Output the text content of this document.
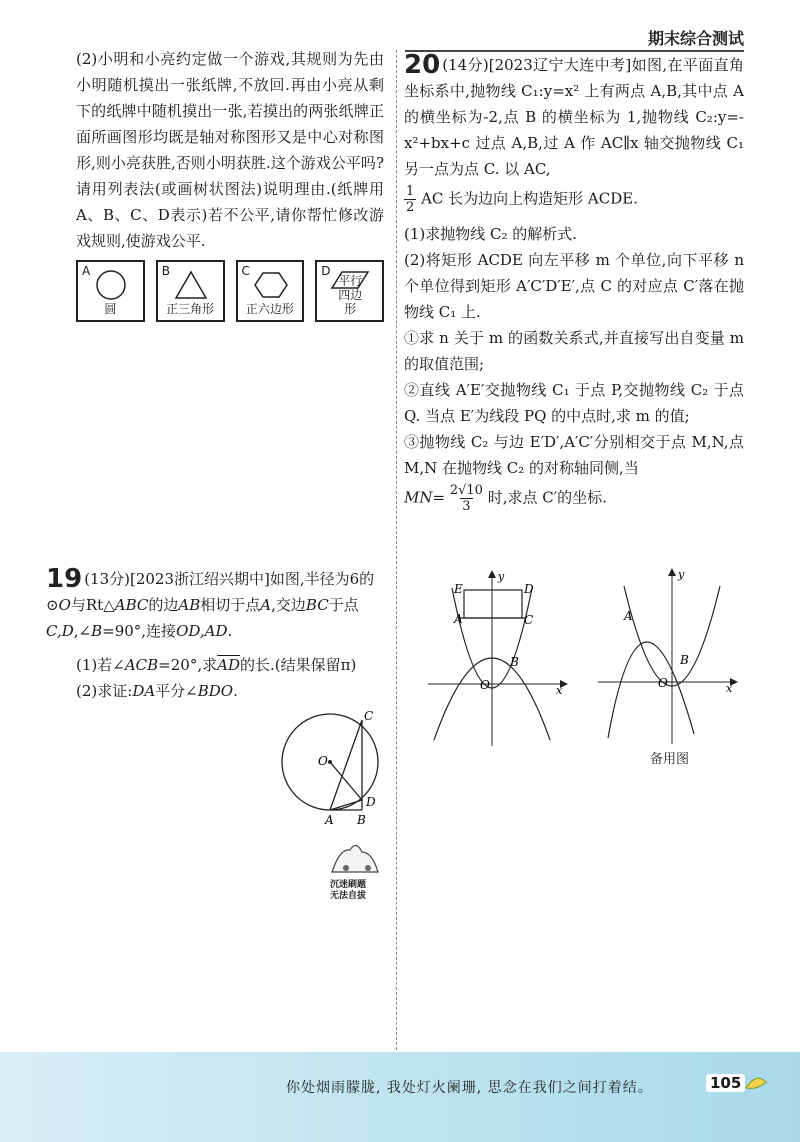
期末综合测试

(2)小明和小亮约定做一个游戏,其规则为先由小明随机摸出一张纸牌,不放回.再由小亮从剩下的纸牌中随机摸出一张,若摸出的两张纸牌正面所画图形均既是轴对称图形又是中心对称图形,则小亮获胜,否则小明获胜.这个游戏公平吗?请用列表法(或画树状图法)说明理由.(纸牌用A、B、C、D表示)若不公平,请你帮忙修改游戏规则,使游戏公平.

A
圆
B
正三角形
C
正六边形
D
平行四边形
19 (13分)[2023浙江绍兴期中]如图,半径为6的⊙O与Rt△ABC的边AB相切于点A,交边BC于点C,D,∠B=90°,连接OD,AD.
(1)若∠ACB=20°,求$\overline{AD}$的长.(结果保留π)
(2)求证:DA平分∠BDO.
O
C
D
A B
沉迷刷题
无法自拔

20 (14分)[2023辽宁大连中考]如图,在平面直角坐标系中,抛物线 C₁:y=x² 上有两点 A,B,其中点 A 的横坐标为-2,点 B 的横坐标为 1,抛物线 C₂:y=-x²+bx+c 过点 A,B,过 A 作 AC∥x 轴交抛物线 C₁ 另一点为点 C. 以 AC,

$\frac{1}{2}$ AC 长为边向上构造矩形 ACDE.

(1)求抛物线 C₂ 的解析式.

(2)将矩形 ACDE 向左平移 m 个单位,向下平移 n 个单位得到矩形 A′C′D′E′,点 C 的对应点 C′落在抛物线 C₁ 上.

①求 n 关于 m 的函数关系式,并直接写出自变量 m 的取值范围;

②直线 A′E′交抛物线 C₁ 于点 P,交抛物线 C₂ 于点 Q. 当点 E′为线段 PQ 的中点时,求 m 的值;

③抛物线 C₂ 与边 E′D′,A′C′分别相交于点 M,N,点 M,N 在抛物线 C₂ 的对称轴同侧,当

$MN= \frac{2√10}{3}$ 时,求点 C′的坐标.
E	D
A	C
B
O	x
y
A
B
O	x
y
备用图
你处烟雨朦胧, 我处灯火阑珊, 思念在我们之间打着结。	105
